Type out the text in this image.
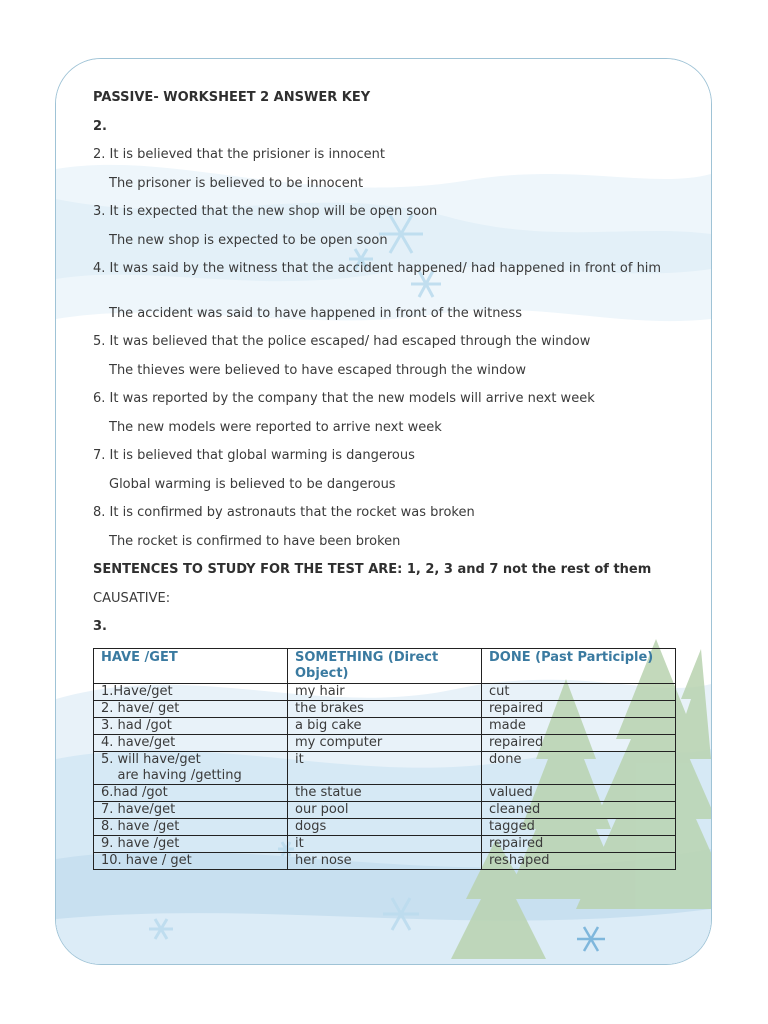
PASSIVE- WORKSHEET 2 ANSWER KEY
2.
2. It is believed that the prisioner is innocent
The prisoner is believed to be innocent
3. It is expected that the new shop will be open soon
The new shop is expected to be open soon
4. It was said by the witness that the accident happened/ had happened in front of him
The accident was said to have happened in front of the witness
5. It was believed that the police escaped/ had escaped through the window
The thieves were believed to have escaped through the window
6. It was reported by the company that the new models will arrive next week
The new models were reported to arrive next week
7. It is believed that global warming is dangerous
Global warming is believed to be dangerous
8. It is confirmed by astronauts that the rocket was broken
The rocket is confirmed to have been broken
SENTENCES TO STUDY FOR THE TEST ARE: 1, 2, 3 and 7 not the rest of them
CAUSATIVE:
3.
HAVE /GET	SOMETHING (Direct Object)	DONE (Past Participle)
1.Have/get	my hair	cut
2. have/ get	the brakes	repaired
3. had /got	a big cake	made
4. have/get	my computer	repaired
5. will have/get
are having /getting	it	done
6.had /got	the statue	valued
7. have/get	our pool	cleaned
8. have /get	dogs	tagged
9. have /get	it	repaired
10. have / get	her nose	reshaped
